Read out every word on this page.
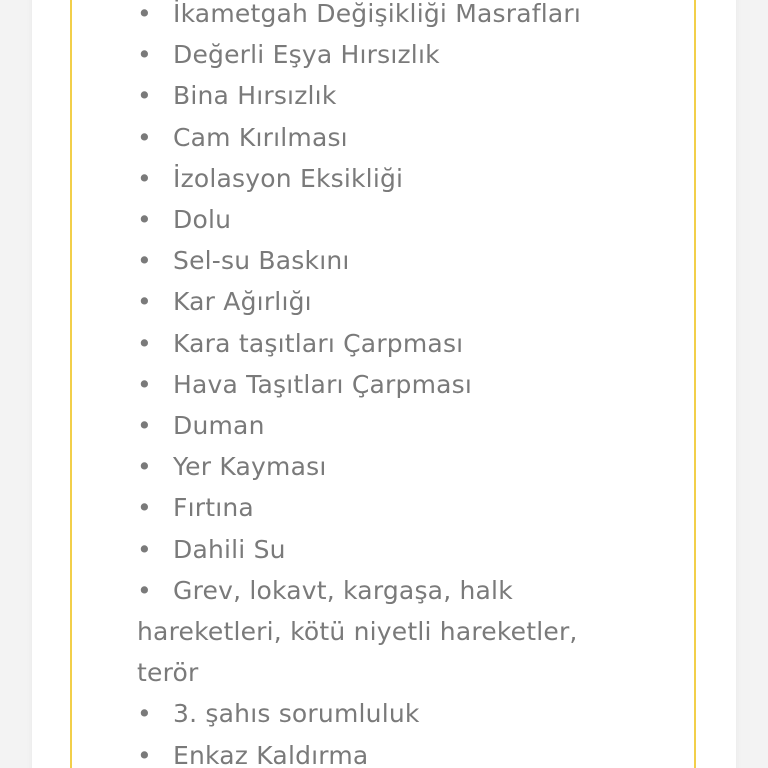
• İkametgah Değişikliği Masrafları
• Değerli Eşya Hırsızlık
• Bina Hırsızlık
• Cam Kırılması
• İzolasyon Eksikliği
• Dolu
• Sel-su Baskını
• Kar Ağırlığı
• Kara taşıtları Çarpması
• Hava Taşıtları Çarpması
• Duman
• Yer Kayması
• Fırtına
• Dahili Su
• Grev, lokavt, kargaşa, halk hareketleri, kötü niyetli hareketler, terör
• 3. şahıs sorumluluk
• Enkaz Kaldırma
